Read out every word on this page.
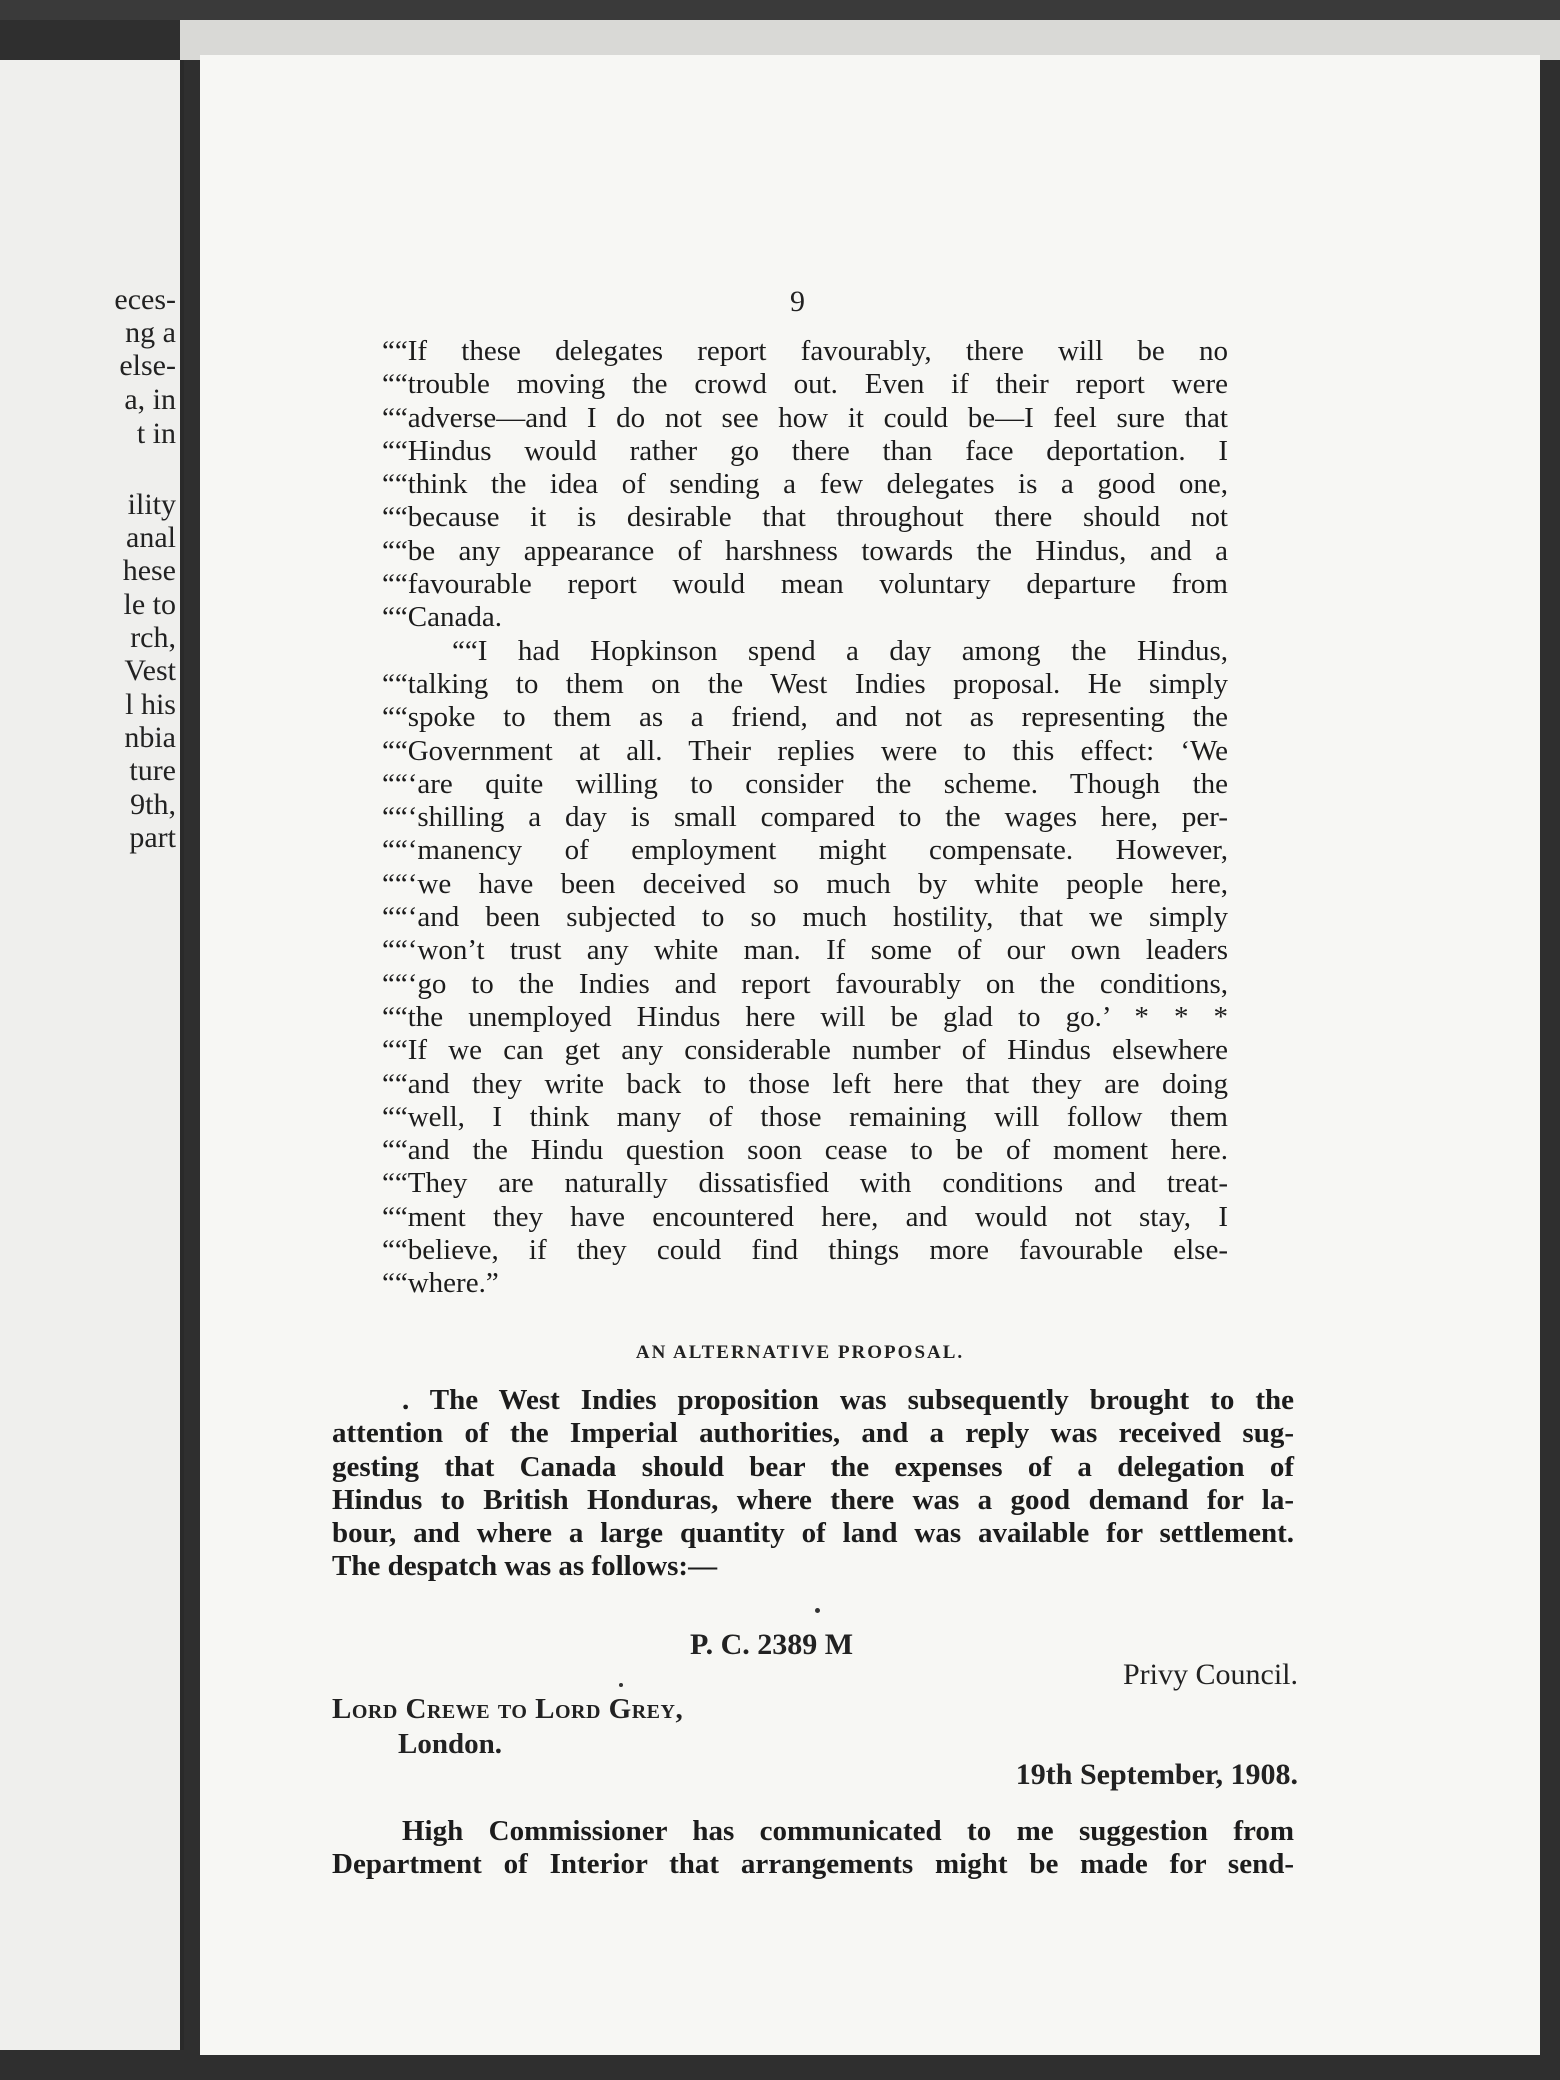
eces-
ng a
else-
a, in
t in
ility
anal
hese
le to
rch,
Vest
l his
nbia
ture
9th,
part
9
““If these delegates report favourably, there will be no
““trouble moving the crowd out. Even if their report were
““adverse—and I do not see how it could be—I feel sure that
““Hindus would rather go there than face deportation. I
““think the idea of sending a few delegates is a good one,
““because it is desirable that throughout there should not
““be any appearance of harshness towards the Hindus, and a
““favourable report would mean voluntary departure from
““Canada.
““I had Hopkinson spend a day among the Hindus,
““talking to them on the West Indies proposal. He simply
““spoke to them as a friend, and not as representing the
““Government at all. Their replies were to this effect: ‘We
““‘are quite willing to consider the scheme. Though the
““‘shilling a day is small compared to the wages here, per-
““‘manency of employment might compensate. However,
““‘we have been deceived so much by white people here,
““‘and been subjected to so much hostility, that we simply
““‘won’t trust any white man. If some of our own leaders
““‘go to the Indies and report favourably on the conditions,
““the unemployed Hindus here will be glad to go.’ * * *
““If we can get any considerable number of Hindus elsewhere
““and they write back to those left here that they are doing
““well, I think many of those remaining will follow them
““and the Hindu question soon cease to be of moment here.
““They are naturally dissatisfied with conditions and treat-
““ment they have encountered here, and would not stay, I
““believe, if they could find things more favourable else-
““where.”
AN ALTERNATIVE PROPOSAL.
. The West Indies proposition was subsequently brought to the
attention of the Imperial authorities, and a reply was received sug-
gesting that Canada should bear the expenses of a delegation of
Hindus to British Honduras, where there was a good demand for la-
bour, and where a large quantity of land was available for settlement.
The despatch was as follows:—
P. C. 2389 M
Privy Council.
Lord Crewe to Lord Grey,
London.
19th September, 1908.
High Commissioner has communicated to me suggestion from
Department of Interior that arrangements might be made for send-
